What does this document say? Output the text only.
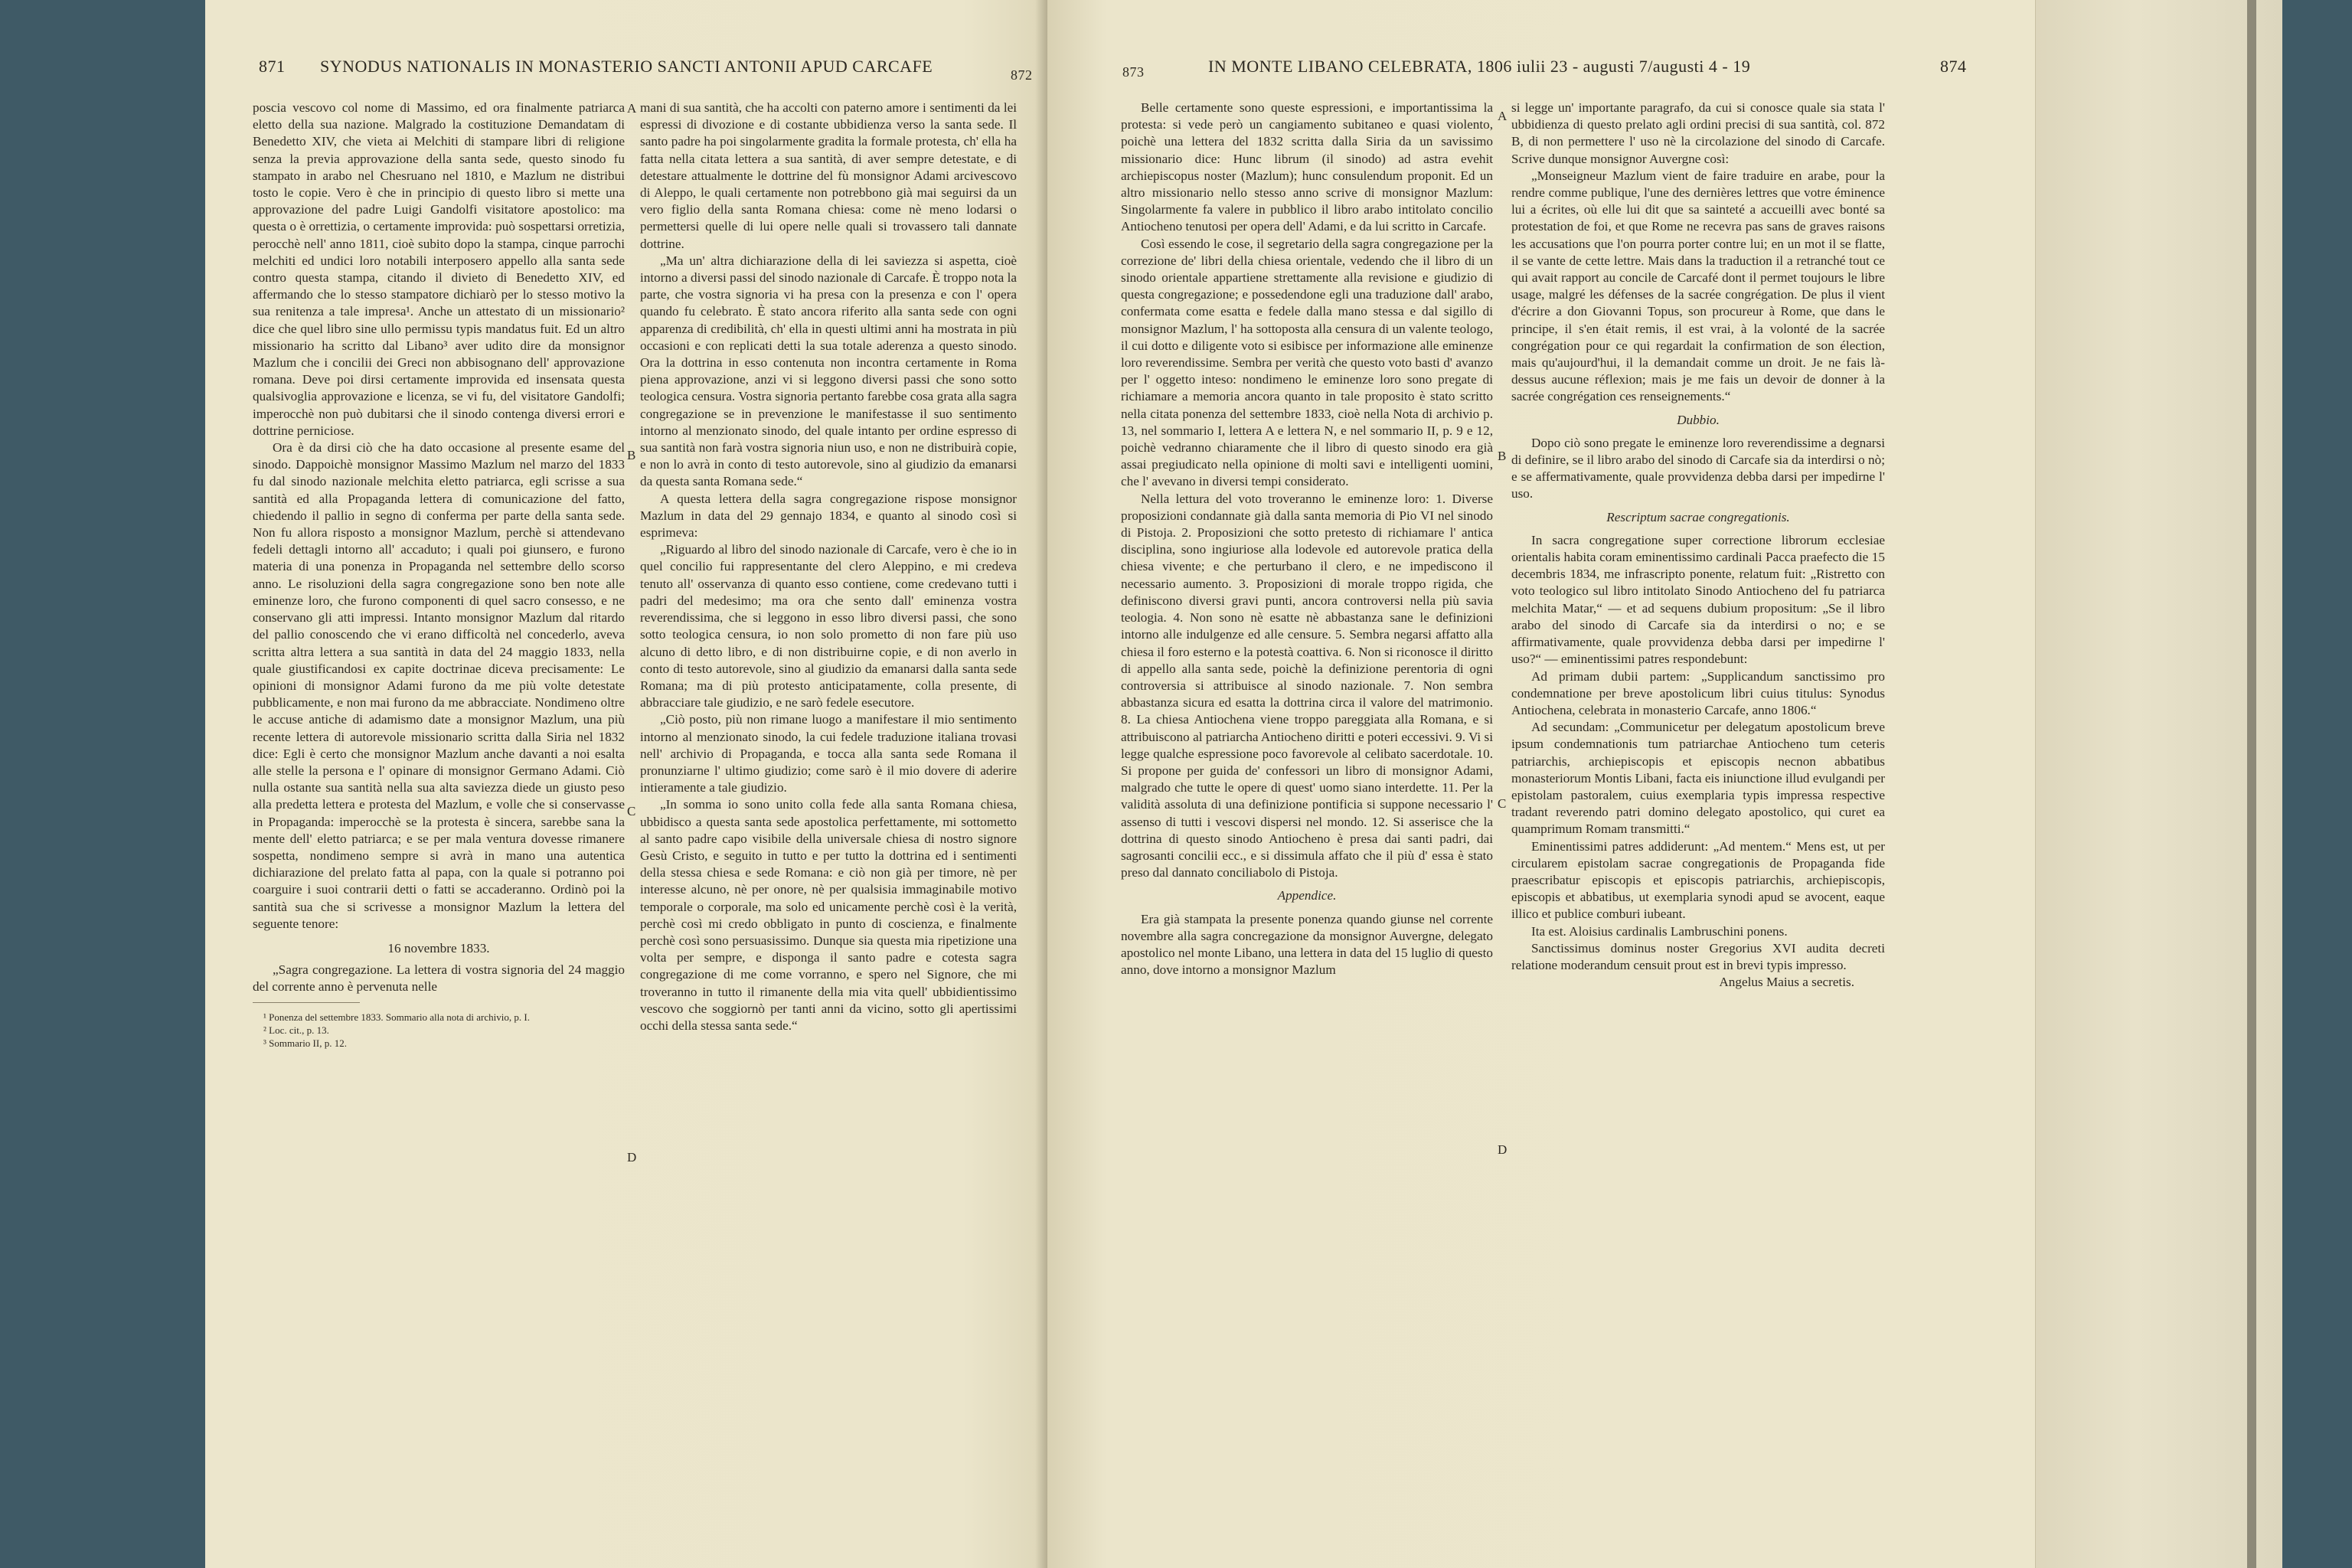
871 SYNODUS NATIONALIS IN MONASTERIO SANCTI ANTONII APUD CARCAFE	872

poscia vescovo col nome di Massimo, ed ora finalmente patriarca eletto della sua nazione. Malgrado la costituzione Demandatam di Benedetto XIV, che vieta ai Melchiti di stampare libri di religione senza la previa approvazione della santa sede, questo sinodo fu stampato in arabo nel Chesruano nel 1810, e Mazlum ne distribui tosto le copie. Vero è che in principio di questo libro si mette una approvazione del padre Luigi Gandolfi visitatore apostolico: ma questa o è orrettizia, o certamente improvida: può sospettarsi orretizia, perocchè nell' anno 1811, cioè subito dopo la stampa, cinque parrochi melchiti ed undici loro notabili interposero appello alla santa sede contro questa stampa, citando il divieto di Benedetto XIV, ed affermando che lo stesso stampatore dichiarò per lo stesso motivo la sua renitenza a tale impresa¹. Anche un attestato di un missionario² dice che quel libro sine ullo permissu typis mandatus fuit. Ed un altro missionario ha scritto dal Libano³ aver udito dire da monsignor Mazlum che i concilii dei Greci non abbisognano dell' approvazione romana. Deve poi dirsi certamente improvida ed insensata questa qualsivoglia approvazione e licenza, se vi fu, del visitatore Gandolfi; imperocchè non può dubitarsi che il sinodo contenga diversi errori e dottrine perniciose.

Ora è da dirsi ciò che ha dato occasione al presente esame del sinodo. Dappoichè monsignor Massimo Mazlum nel marzo del 1833 fu dal sinodo nazionale melchita eletto patriarca, egli scrisse a sua santità ed alla Propaganda lettera di comunicazione del fatto, chiedendo il pallio in segno di conferma per parte della santa sede. Non fu allora risposto a monsignor Mazlum, perchè si attendevano fedeli dettagli intorno all' accaduto; i quali poi giunsero, e furono materia di una ponenza in Propaganda nel settembre dello scorso anno. Le risoluzioni della sagra congregazione sono ben note alle eminenze loro, che furono componenti di quel sacro consesso, e ne conservano gli atti impressi. Intanto monsignor Mazlum dal ritardo del pallio conoscendo che vi erano difficoltà nel concederlo, aveva scritta altra lettera a sua santità in data del 24 maggio 1833, nella quale giustificandosi ex capite doctrinae diceva precisamente: Le opinioni di monsignor Adami furono da me più volte detestate pubblicamente, e non mai furono da me abbracciate. Nondimeno oltre le accuse antiche di adamismo date a monsignor Mazlum, una più recente lettera di autorevole missionario scritta dalla Siria nel 1832 dice: Egli è certo che monsignor Mazlum anche davanti a noi esalta alle stelle la persona e l' opinare di monsignor Germano Adami. Ciò nulla ostante sua santità nella sua alta saviezza diede un giusto peso alla predetta lettera e protesta del Mazlum, e volle che si conservasse in Propaganda: imperocchè se la protesta è sincera, sarebbe sana la mente dell' eletto patriarca; e se per mala ventura dovesse rimanere sospetta, nondimeno sempre si avrà in mano una autentica dichiarazione del prelato fatta al papa, con la quale si potranno poi coarguire i suoi contrarii detti o fatti se accaderanno. Ordinò poi la santità sua che si scrivesse a monsignor Mazlum la lettera del seguente tenore:

16 novembre 1833.

„Sagra congregazione. La lettera di vostra signoria del 24 maggio del corrente anno è pervenuta nelle

¹ Ponenza del settembre 1833. Sommario alla nota di archivio, p. I.
² Loc. cit., p. 13.
³ Sommario II, p. 12.
A
B
C
D

mani di sua santità, che ha accolti con paterno amore i sentimenti da lei espressi di divozione e di costante ubbidienza verso la santa sede. Il santo padre ha poi singolarmente gradita la formale protesta, ch' ella ha fatta nella citata lettera a sua santità, di aver sempre detestate, e di detestare attualmente le dottrine del fù monsignor Adami arcivescovo di Aleppo, le quali certamente non potrebbono già mai seguirsi da un vero figlio della santa Romana chiesa: come nè meno lodarsi o permettersi quelle di lui opere nelle quali si trovassero tali dannate dottrine.

„Ma un' altra dichiarazione della di lei saviezza si aspetta, cioè intorno a diversi passi del sinodo nazionale di Carcafe. È troppo nota la parte, che vostra signoria vi ha presa con la presenza e con l' opera quando fu celebrato. È stato ancora riferito alla santa sede con ogni apparenza di credibilità, ch' ella in questi ultimi anni ha mostrata in più occasioni e con replicati detti la sua totale aderenza a questo sinodo. Ora la dottrina in esso contenuta non incontra certamente in Roma piena approvazione, anzi vi si leggono diversi passi che sono sotto teologica censura. Vostra signoria pertanto farebbe cosa grata alla sagra congregazione se in prevenzione le manifestasse il suo sentimento intorno al menzionato sinodo, del quale intanto per ordine espresso di sua santità non farà vostra signoria niun uso, e non ne distribuirà copie, e non lo avrà in conto di testo autorevole, sino al giudizio da emanarsi da questa santa Romana sede.“

A questa lettera della sagra congregazione rispose monsignor Mazlum in data del 29 gennajo 1834, e quanto al sinodo così si esprimeva:

„Riguardo al libro del sinodo nazionale di Carcafe, vero è che io in quel concilio fui rappresentante del clero Aleppino, e mi credeva tenuto all' osservanza di quanto esso contiene, come credevano tutti i padri del medesimo; ma ora che sento dall' eminenza vostra reverendissima, che si leggono in esso libro diversi passi, che sono sotto teologica censura, io non solo prometto di non fare più uso alcuno di detto libro, e di non distribuirne copie, e di non averlo in conto di testo autorevole, sino al giudizio da emanarsi dalla santa sede Romana; ma di più protesto anticipatamente, colla presente, di abbracciare tale giudizio, e ne sarò fedele esecutore.

„Ciò posto, più non rimane luogo a manifestare il mio sentimento intorno al menzionato sinodo, la cui fedele traduzione italiana trovasi nell' archivio di Propaganda, e tocca alla santa sede Romana il pronunziarne l' ultimo giudizio; come sarò è il mio dovere di aderire intieramente a tale giudizio.

„In somma io sono unito colla fede alla santa Romana chiesa, ubbidisco a questa santa sede apostolica perfettamente, mi sottometto al santo padre capo visibile della universale chiesa di nostro signore Gesù Cristo, e seguito in tutto e per tutto la dottrina ed i sentimenti della stessa chiesa e sede Romana: e ciò non già per timore, nè per interesse alcuno, nè per onore, nè per qualsisia immaginabile motivo temporale o corporale, ma solo ed unicamente perchè così è la verità, perchè così mi credo obbligato in punto di coscienza, e finalmente perchè così sono persuasissimo. Dunque sia questa mia ripetizione una volta per sempre, e disponga il santo padre e cotesta sagra congregazione di me come vorranno, e spero nel Signore, che mi troveranno in tutto il rimanente della mia vita quell' ubbidientissimo vescovo che soggiornò per tanti anni da vicino, sotto gli apertissimi occhi della stessa santa sede.“

873	IN MONTE LIBANO CELEBRATA, 1806 iulii 23 - augusti 7/augusti 4 - 19	874

Belle certamente sono queste espressioni, e importantissima la protesta: si vede però un cangiamento subitaneo e quasi violento, poichè una lettera del 1832 scritta dalla Siria da un savissimo missionario dice: Hunc librum (il sinodo) ad astra evehit archiepiscopus noster (Mazlum); hunc consulendum proponit. Ed un altro missionario nello stesso anno scrive di monsignor Mazlum: Singolarmente fa valere in pubblico il libro arabo intitolato concilio Antiocheno tenutosi per opera dell' Adami, e da lui scritto in Carcafe.

Così essendo le cose, il segretario della sagra congregazione per la correzione de' libri della chiesa orientale, vedendo che il libro di un sinodo orientale appartiene strettamente alla revisione e giudizio di questa congregazione; e possedendone egli una traduzione dall' arabo, confermata come esatta e fedele dalla mano stessa e dal sigillo di monsignor Mazlum, l' ha sottoposta alla censura di un valente teologo, il cui dotto e diligente voto si esibisce per informazione alle eminenze loro reverendissime. Sembra per verità che questo voto basti d' avanzo per l' oggetto inteso: nondimeno le eminenze loro sono pregate di richiamare a memoria ancora quanto in tale proposito è stato scritto nella citata ponenza del settembre 1833, cioè nella Nota di archivio p. 13, nel sommario I, lettera A e lettera N, e nel sommario II, p. 9 e 12, poichè vedranno chiaramente che il libro di questo sinodo era già assai pregiudicato nella opinione di molti savi e intelligenti uomini, che l' avevano in diversi tempi considerato.

Nella lettura del voto troveranno le eminenze loro: 1. Diverse proposizioni condannate già dalla santa memoria di Pio VI nel sinodo di Pistoja. 2. Proposizioni che sotto pretesto di richiamare l' antica disciplina, sono ingiuriose alla lodevole ed autorevole pratica della chiesa vivente; e che perturbano il clero, e ne impediscono il necessario aumento. 3. Proposizioni di morale troppo rigida, che definiscono diversi gravi punti, ancora controversi nella più savia teologia. 4. Non sono nè esatte nè abbastanza sane le definizioni intorno alle indulgenze ed alle censure. 5. Sembra negarsi affatto alla chiesa il foro esterno e la potestà coattiva. 6. Non si riconosce il diritto di appello alla santa sede, poichè la definizione perentoria di ogni controversia si attribuisce al sinodo nazionale. 7. Non sembra abbastanza sicura ed esatta la dottrina circa il valore del matrimonio. 8. La chiesa Antiochena viene troppo pareggiata alla Romana, e si attribuiscono al patriarcha Antiocheno diritti e poteri eccessivi. 9. Vi si legge qualche espressione poco favorevole al celibato sacerdotale. 10. Si propone per guida de' confessori un libro di monsignor Adami, malgrado che tutte le opere di quest' uomo siano interdette. 11. Per la validità assoluta di una definizione pontificia si suppone necessario l' assenso di tutti i vescovi dispersi nel mondo. 12. Si asserisce che la dottrina di questo sinodo Antiocheno è presa dai santi padri, dai sagrosanti concilii ecc., e si dissimula affato che il più d' essa è stato preso dal dannato conciliabolo di Pistoja.

Appendice.

Era già stampata la presente ponenza quando giunse nel corrente novembre alla sagra concregazione da monsignor Auvergne, delegato apostolico nel monte Libano, una lettera in data del 15 luglio di questo anno, dove intorno a monsignor Mazlum

A
B
C
D

si legge un' importante paragrafo, da cui si conosce quale sia stata l' ubbidienza di questo prelato agli ordini precisi di sua santità, col. 872 B, di non permettere l' uso nè la circolazione del sinodo di Carcafe. Scrive dunque monsignor Auvergne così:

„Monseigneur Mazlum vient de faire traduire en arabe, pour la rendre comme publique, l'une des dernières lettres que votre éminence lui a écrites, où elle lui dit que sa sainteté a accueilli avec bonté sa protestation de foi, et que Rome ne recevra pas sans de graves raisons les accusations que l'on pourra porter contre lui; en un mot il se flatte, il se vante de cette lettre. Mais dans la traduction il a retranché tout ce qui avait rapport au concile de Carcafé dont il permet toujours le libre usage, malgré les défenses de la sacrée congrégation. De plus il vient d'écrire a don Giovanni Topus, son procureur à Rome, que dans le principe, il s'en était remis, il est vrai, à la volonté de la sacrée congrégation pour ce qui regardait la confirmation de son élection, mais qu'aujourd'hui, il la demandait comme un droit. Je ne fais là-dessus aucune réflexion; mais je me fais un devoir de donner à la sacrée congrégation ces renseignements.“

Dubbio.

Dopo ciò sono pregate le eminenze loro reverendissime a degnarsi di definire, se il libro arabo del sinodo di Carcafe sia da interdirsi o nò; e se affermativamente, quale provvidenza debba darsi per impedirne l' uso.

Rescriptum sacrae congregationis.

In sacra congregatione super correctione librorum ecclesiae orientalis habita coram eminentissimo cardinali Pacca praefecto die 15 decembris 1834, me infrascripto ponente, relatum fuit: „Ristretto con voto teologico sul libro intitolato Sinodo Antiocheno del fu patriarca melchita Matar,“ — et ad sequens dubium propositum: „Se il libro arabo del sinodo di Carcafe sia da interdirsi o no; e se affirmativamente, quale provvidenza debba darsi per impedirne l' uso?“ — eminentissimi patres respondebunt:

Ad primam dubii partem: „Supplicandum sanctissimo pro condemnatione per breve apostolicum libri cuius titulus: Synodus Antiochena, celebrata in monasterio Carcafe, anno 1806.“

Ad secundam: „Communicetur per delegatum apostolicum breve ipsum condemnationis tum patriarchae Antiocheno tum ceteris patriarchis, archiepiscopis et episcopis necnon abbatibus monasteriorum Montis Libani, facta eis iniunctione illud evulgandi per epistolam pastoralem, cuius exemplaria typis impressa respective tradant reverendo patri domino delegato apostolico, qui curet ea quamprimum Romam transmitti.“

Eminentissimi patres addiderunt: „Ad mentem.“ Mens est, ut per circularem epistolam sacrae congregationis de Propaganda fide praescribatur episcopis et episcopis patriarchis, archiepiscopis, episcopis et abbatibus, ut exemplaria synodi apud se avocent, eaque illico et publice comburi iubeant.

Ita est. Aloisius cardinalis Lambruschini ponens.

Sanctissimus dominus noster Gregorius XVI audita decreti relatione moderandum censuit prout est in brevi typis impresso.

Angelus Maius a secretis.
